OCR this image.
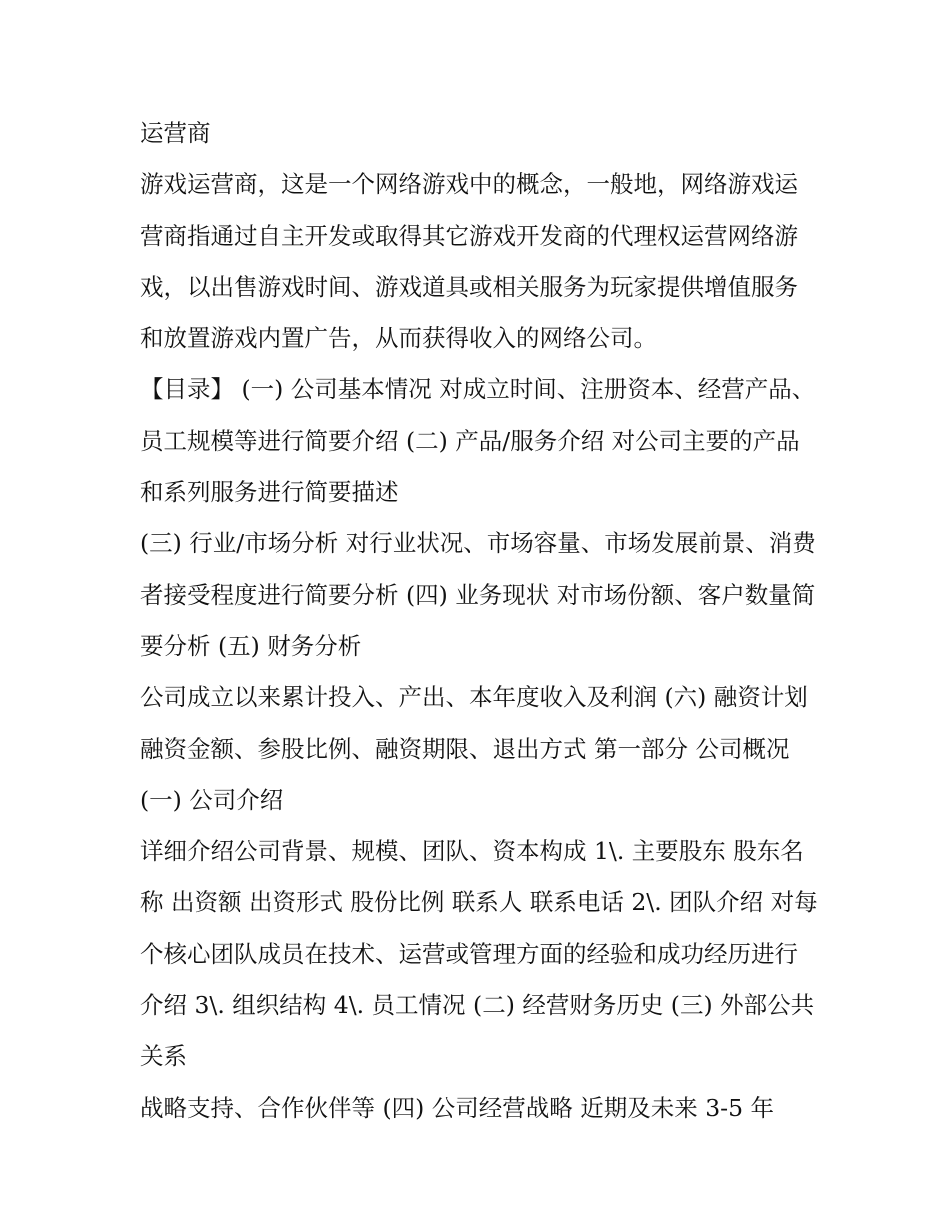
运营商

游戏运营商，这是一个网络游戏中的概念，一般地，网络游戏运营商指通过自主开发或取得其它游戏开发商的代理权运营网络游戏，以出售游戏时间、游戏道具或相关服务为玩家提供增值服务和放置游戏内置广告，从而获得收入的网络公司。

【目录】 (一) 公司基本情况 对成立时间、注册资本、经营产品、员工规模等进行简要介绍 (二) 产品/服务介绍 对公司主要的产品和系列服务进行简要描述

(三) 行业/市场分析 对行业状况、市场容量、市场发展前景、消费者接受程度进行简要分析 (四) 业务现状 对市场份额、客户数量简要分析 (五) 财务分析

公司成立以来累计投入、产出、本年度收入及利润 (六) 融资计划 融资金额、参股比例、融资期限、退出方式 第一部分 公司概况 (一) 公司介绍

详细介绍公司背景、规模、团队、资本构成 1\. 主要股东 股东名称 出资额 出资形式 股份比例 联系人 联系电话 2\. 团队介绍 对每个核心团队成员在技术、运营或管理方面的经验和成功经历进行介绍 3\. 组织结构 4\. 员工情况 (二) 经营财务历史 (三) 外部公共关系

战略支持、合作伙伴等 (四) 公司经营战略 近期及未来 3-5 年
